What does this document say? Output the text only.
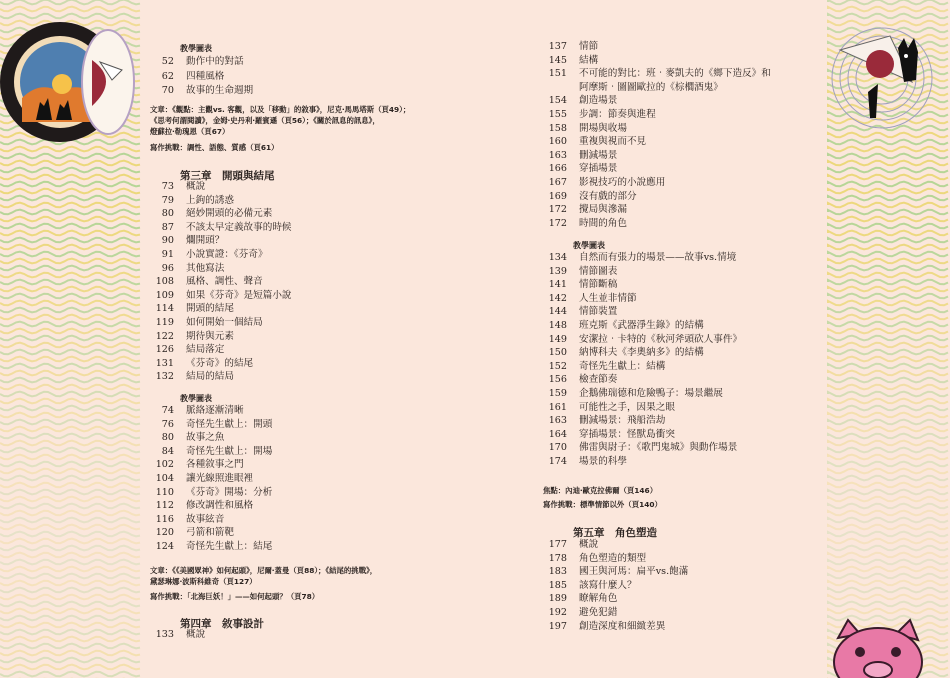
教學圖表
52 動作中的對話
62 四種風格
70 故事的生命週期
文章：《觀點：主觀vs. 客觀，以及「移動」的敘事》，尼克‧馬馬塔斯（頁49）；
《思考何謂閱讀》，金姆‧史丹利‧羅賓遜（頁56）；《關於訊息的訊息》，
燈蘇拉‧勒瑰恩（頁67）
寫作挑戰：調性、語態、質感（頁61）
第三章　開頭與結尾
73 概說
79 上鉤的誘惑
80 絕妙開頭的必備元素
87 不該太早定義故事的時候
90 爛開頭？
91 小說實證：《芬奇》
96 其他寫法
108 風格、調性、聲音
109 如果《芬奇》是短篇小說
114 開頭的結尾
119 如何開始一個結局
122 期待與元素
126 結局落定
131 《芬奇》的結尾
132 結局的結局
教學圖表
74 脈絡逐漸清晰
76 奇怪先生獻上：開頭
80 故事之魚
84 奇怪先生獻上：開場
102 各種敘事之門
104 讓光線照進眼裡
110 《芬奇》開場：分析
112 修改調性和風格
116 故事絃音
120 弓箭和箭靶
124 奇怪先生獻上：結尾
文章：《《美國眾神》如何起頭》，尼爾‧蓋曼（頁88）；《結尾的挑戰》，
黛瑟琳娜‧波斯科維奇（頁127）
寫作挑戰：「北海巨妖！」——如何起頭？（頁78）
第四章　敘事設計
133 概說
137 情節
145 結構
151 不可能的對比：班‧麥凱夫的《鄉下造反》和
阿摩斯‧圖圖歐拉的《棕櫚酒鬼》
154 創造場景
155 步調：節奏與進程
158 開場與收場
160 重複與視而不見
163 刪減場景
166 穿插場景
167 影視技巧的小說應用
169 沒有戲的部分
172 攪局與滲漏
172 時間的角色
教學圖表
134 自然而有張力的場景——故事vs.情境
139 情節圖表
141 情節斷稿
142 人生並非情節
144 情節裝置
148 班克斯《武器淨生錄》的結構
149 安潔拉‧卡特的《秋河斧頭砍人事件》
150 納博科夫《李奧納多》的結構
152 奇怪先生獻上：結構
156 檢查節奏
159 企鵝佛瑞德和危險鴨子：場景繼展
161 可能性之手，因果之眼
163 刪減場景：飛船浩劫
164 穿插場景：怪獸島衝突
170 佛雷與尉子：《歌門鬼城》與動作場景
174 場景的科學
焦點：內迪‧歐克拉佛爾（頁146）
寫作挑戰：標準情節以外（頁140）
第五章　角色塑造
177 概說
178 角色塑造的類型
183 國王與河馬：扁平vs.飽滿
185 該寫什麼人？
189 瞭解角色
192 避免犯錯
197 創造深度和細緻差異
